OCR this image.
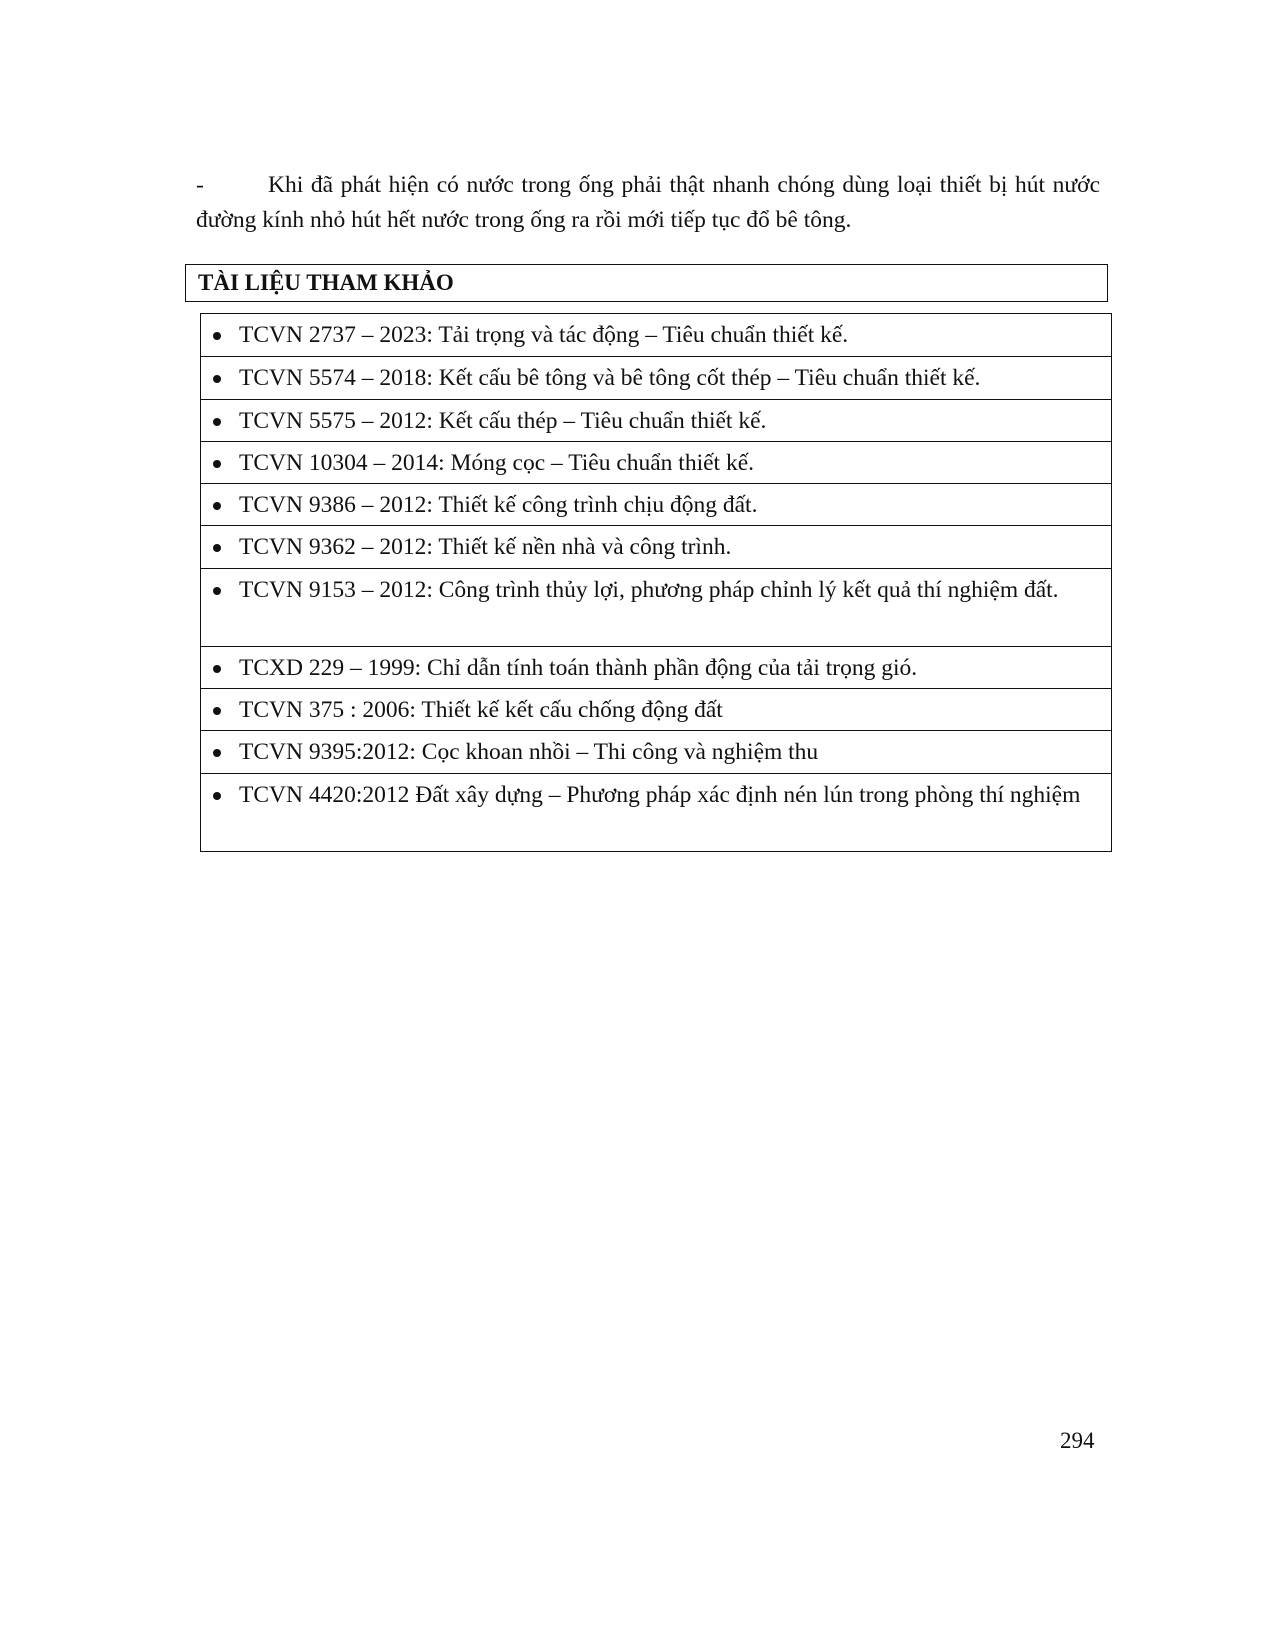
-	Khi đã phát hiện có nước trong ống phải thật nhanh chóng dùng loại thiết bị hút nước đường kính nhỏ hút hết nước trong ống ra rồi mới tiếp tục đổ bê tông.
TÀI LIỆU THAM KHẢO
TCVN 2737 – 2023: Tải trọng và tác động – Tiêu chuẩn thiết kế.
TCVN 5574 – 2018: Kết cấu bê tông và bê tông cốt thép – Tiêu chuẩn thiết kế.
TCVN 5575 – 2012: Kết cấu thép – Tiêu chuẩn thiết kế.
TCVN 10304 – 2014: Móng cọc – Tiêu chuẩn thiết kế.
TCVN 9386 – 2012: Thiết kế công trình chịu động đất.
TCVN 9362 – 2012: Thiết kế nền nhà và công trình.
TCVN 9153 – 2012: Công trình thủy lợi, phương pháp chỉnh lý kết quả thí nghiệm đất.
TCXD 229 – 1999: Chỉ dẫn tính toán thành phần động của tải trọng gió.
TCVN 375 : 2006: Thiết kế kết cấu chống động đất
TCVN 9395:2012: Cọc khoan nhồi – Thi công và nghiệm thu
TCVN 4420:2012 Đất xây dựng – Phương pháp xác định nén lún trong phòng thí nghiệm
294
